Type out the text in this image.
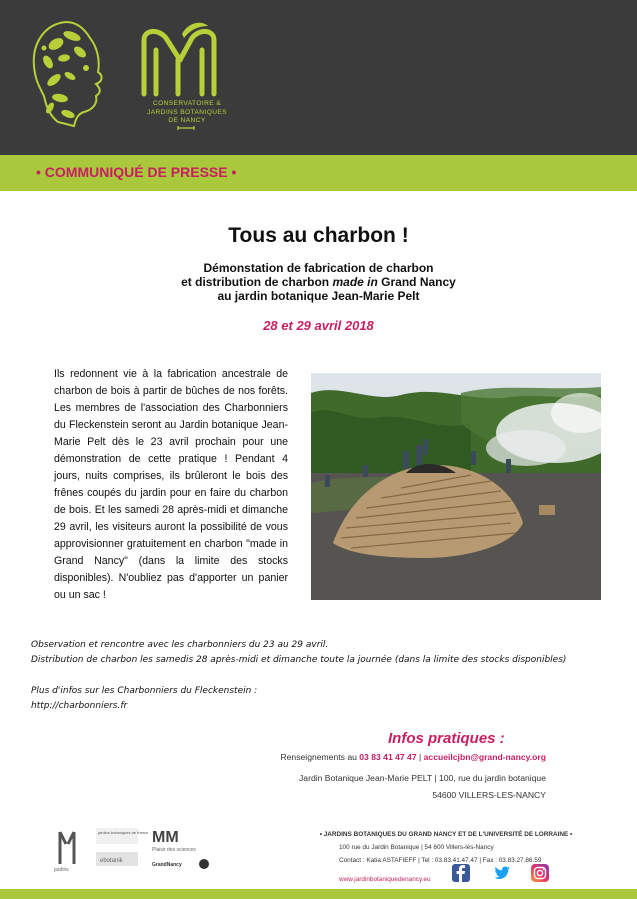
CONSERVATOIRE &
JARDINS BOTANIQUES
DE NANCY
• COMMUNIQUÉ DE PRESSE •
Tous au charbon !
Démonstation de fabrication de charbon
et distribution de charbon made in Grand Nancy
au jardin botanique Jean-Marie Pelt
28 et 29 avril 2018
Ils redonnent vie à la fabrication ancestrale de charbon de bois à partir de bûches de nos forêts. Les membres de l'association des Charbonniers du Fleckenstein seront au Jardin botanique Jean-Marie Pelt dès le 23 avril prochain pour une démonstration de cette pratique ! Pendant 4 jours, nuits comprises, ils brûleront le bois des frênes coupés du jardin pour en faire du charbon de bois. Et les samedi 28 après-midi et dimanche 29 avril, les visiteurs auront la possibilité de vous approvisionner gratuitement en charbon "made in Grand Nancy" (dans la limite des stocks disponibles). N'oubliez pas d'apporter un panier ou un sac !
Observation et rencontre avec les charbonniers du 23 au 29 avril.
Distribution de charbon les samedis 28 après-midi et dimanche toute la journée (dans la limite des stocks disponibles)
Plus d'infos sur les Charbonniers du Fleckenstein :
http://charbonniers.fr
Infos pratiques :
Renseignements au 03 83 41 47 47 | accueilcjbn@grand-nancy.org
Jardin Botanique Jean-Marie PELT | 100, rue du jardin botanique
54600 VILLERS-LES-NANCY
jardins
jardins botaniques de france
ebotanik
MM
Plaisir des sciences
GrandNancy
• JARDINS BOTANIQUES DU GRAND NANCY ET DE L'UNIVERSITÉ DE LORRAINE •
100 rue du Jardin Botanique | 54 600 Villers-lès-Nancy
Contact : Katia ASTAFIEFF | Tel : 03.83.41.47.47 | Fax : 03.83.27.86.59
www.jardinbotaniquedenancy.eu
